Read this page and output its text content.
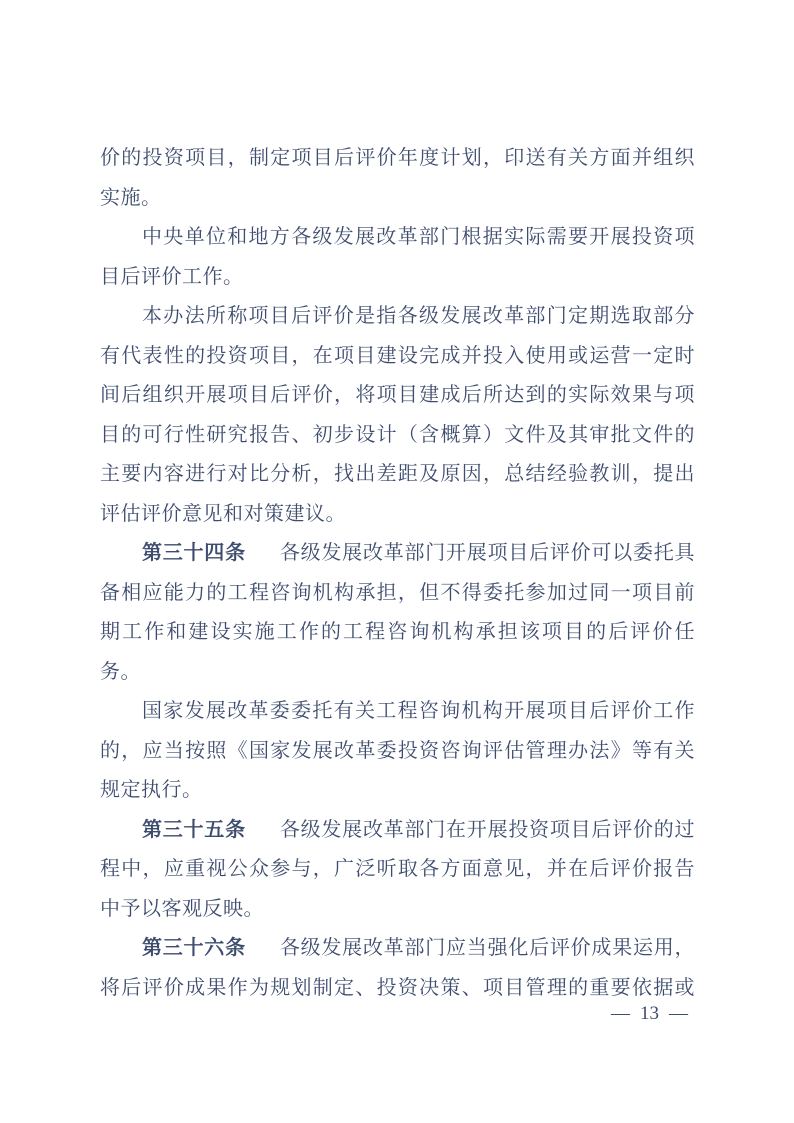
价的投资项目，制定项目后评价年度计划，印送有关方面并组织
实施。
中央单位和地方各级发展改革部门根据实际需要开展投资项
目后评价工作。
本办法所称项目后评价是指各级发展改革部门定期选取部分
有代表性的投资项目，在项目建设完成并投入使用或运营一定时
间后组织开展项目后评价，将项目建成后所达到的实际效果与项
目的可行性研究报告、初步设计（含概算）文件及其审批文件的
主要内容进行对比分析，找出差距及原因，总结经验教训，提出
评估评价意见和对策建议。
第三十四条 各级发展改革部门开展项目后评价可以委托具
备相应能力的工程咨询机构承担，但不得委托参加过同一项目前
期工作和建设实施工作的工程咨询机构承担该项目的后评价任
务。
国家发展改革委委托有关工程咨询机构开展项目后评价工作
的，应当按照《国家发展改革委投资咨询评估管理办法》等有关
规定执行。
第三十五条 各级发展改革部门在开展投资项目后评价的过
程中，应重视公众参与，广泛听取各方面意见，并在后评价报告
中予以客观反映。
第三十六条 各级发展改革部门应当强化后评价成果运用，
将后评价成果作为规划制定、投资决策、项目管理的重要依据或
— 13 —
